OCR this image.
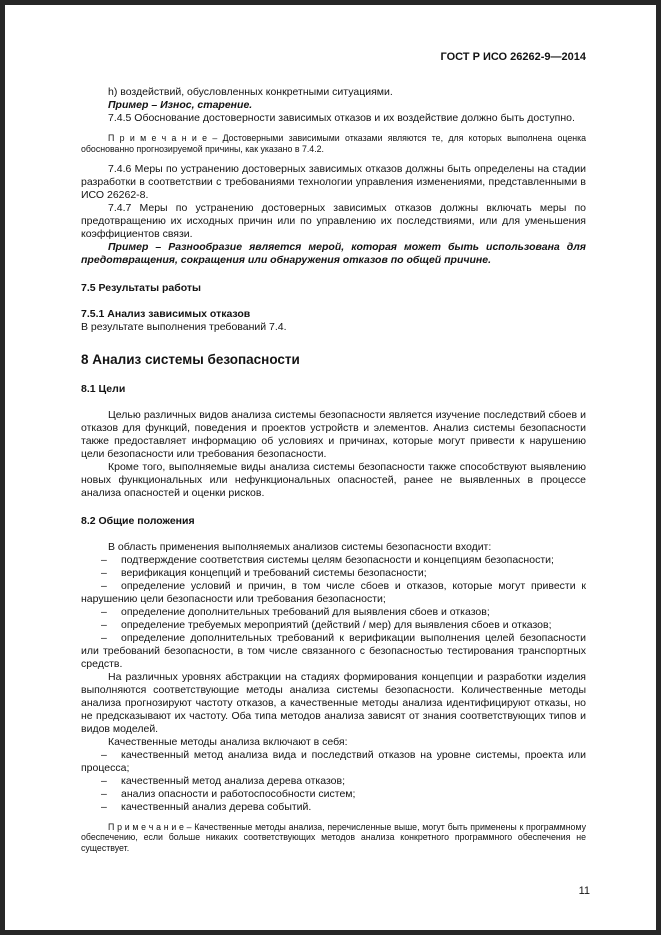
ГОСТ Р ИСО 26262-9—2014

h) воздействий, обусловленных конкретными ситуациями.

Пример – Износ, старение.

7.4.5 Обоснование достоверности зависимых отказов и их воздействие должно быть доступно.

П р и м е ч а н и е – Достоверными зависимыми отказами являются те, для которых выполнена оценка обоснованно прогнозируемой причины, как указано в 7.4.2.

7.4.6 Меры по устранению достоверных зависимых отказов должны быть определены на стадии разработки в соответствии с требованиями технологии управления изменениями, представленными в ИСО 26262-8.

7.4.7 Меры по устранению достоверных зависимых отказов должны включать меры по предотвращению их исходных причин или по управлению их последствиями, или для уменьшения коэффициентов связи.

Пример – Разнообразие является мерой, которая может быть использована для предотвращения, сокращения или обнаружения отказов по общей причине.

7.5 Результаты работы

7.5.1 Анализ зависимых отказов

В результате выполнения требований 7.4.

8 Анализ системы безопасности

8.1 Цели

Целью различных видов анализа системы безопасности является изучение последствий сбоев и отказов для функций, поведения и проектов устройств и элементов. Анализ системы безопасности также предоставляет информацию об условиях и причинах, которые могут привести к нарушению цели безопасности или требования безопасности.

Кроме того, выполняемые виды анализа системы безопасности также способствуют выявлению новых функциональных или нефункциональных опасностей, ранее не выявленных в процессе анализа опасностей и оценки рисков.

8.2 Общие положения

В область применения выполняемых анализов системы безопасности входит:

– подтверждение соответствия системы целям безопасности и концепциям безопасности;

– верификация концепций и требований системы безопасности;

– определение условий и причин, в том числе сбоев и отказов, которые могут привести к нарушению цели безопасности или требования безопасности;

– определение дополнительных требований для выявления сбоев и отказов;

– определение требуемых мероприятий (действий / мер) для выявления сбоев и отказов;

– определение дополнительных требований к верификации выполнения целей безопасности или требований безопасности, в том числе связанного с безопасностью тестирования транспортных средств.

На различных уровнях абстракции на стадиях формирования концепции и разработки изделия выполняются соответствующие методы анализа системы безопасности. Количественные методы анализа прогнозируют частоту отказов, а качественные методы анализа идентифицируют отказы, но не предсказывают их частоту. Оба типа методов анализа зависят от знания соответствующих типов и видов моделей.

Качественные методы анализа включают в себя:

– качественный метод анализа вида и последствий отказов на уровне системы, проекта или процесса;

– качественный метод анализа дерева отказов;

– анализ опасности и работоспособности систем;

– качественный анализ дерева событий.

П р и м е ч а н и е – Качественные методы анализа, перечисленные выше, могут быть применены к программному обеспечению, если больше никаких соответствующих методов анализа конкретного программного обеспечения не существует.

11
